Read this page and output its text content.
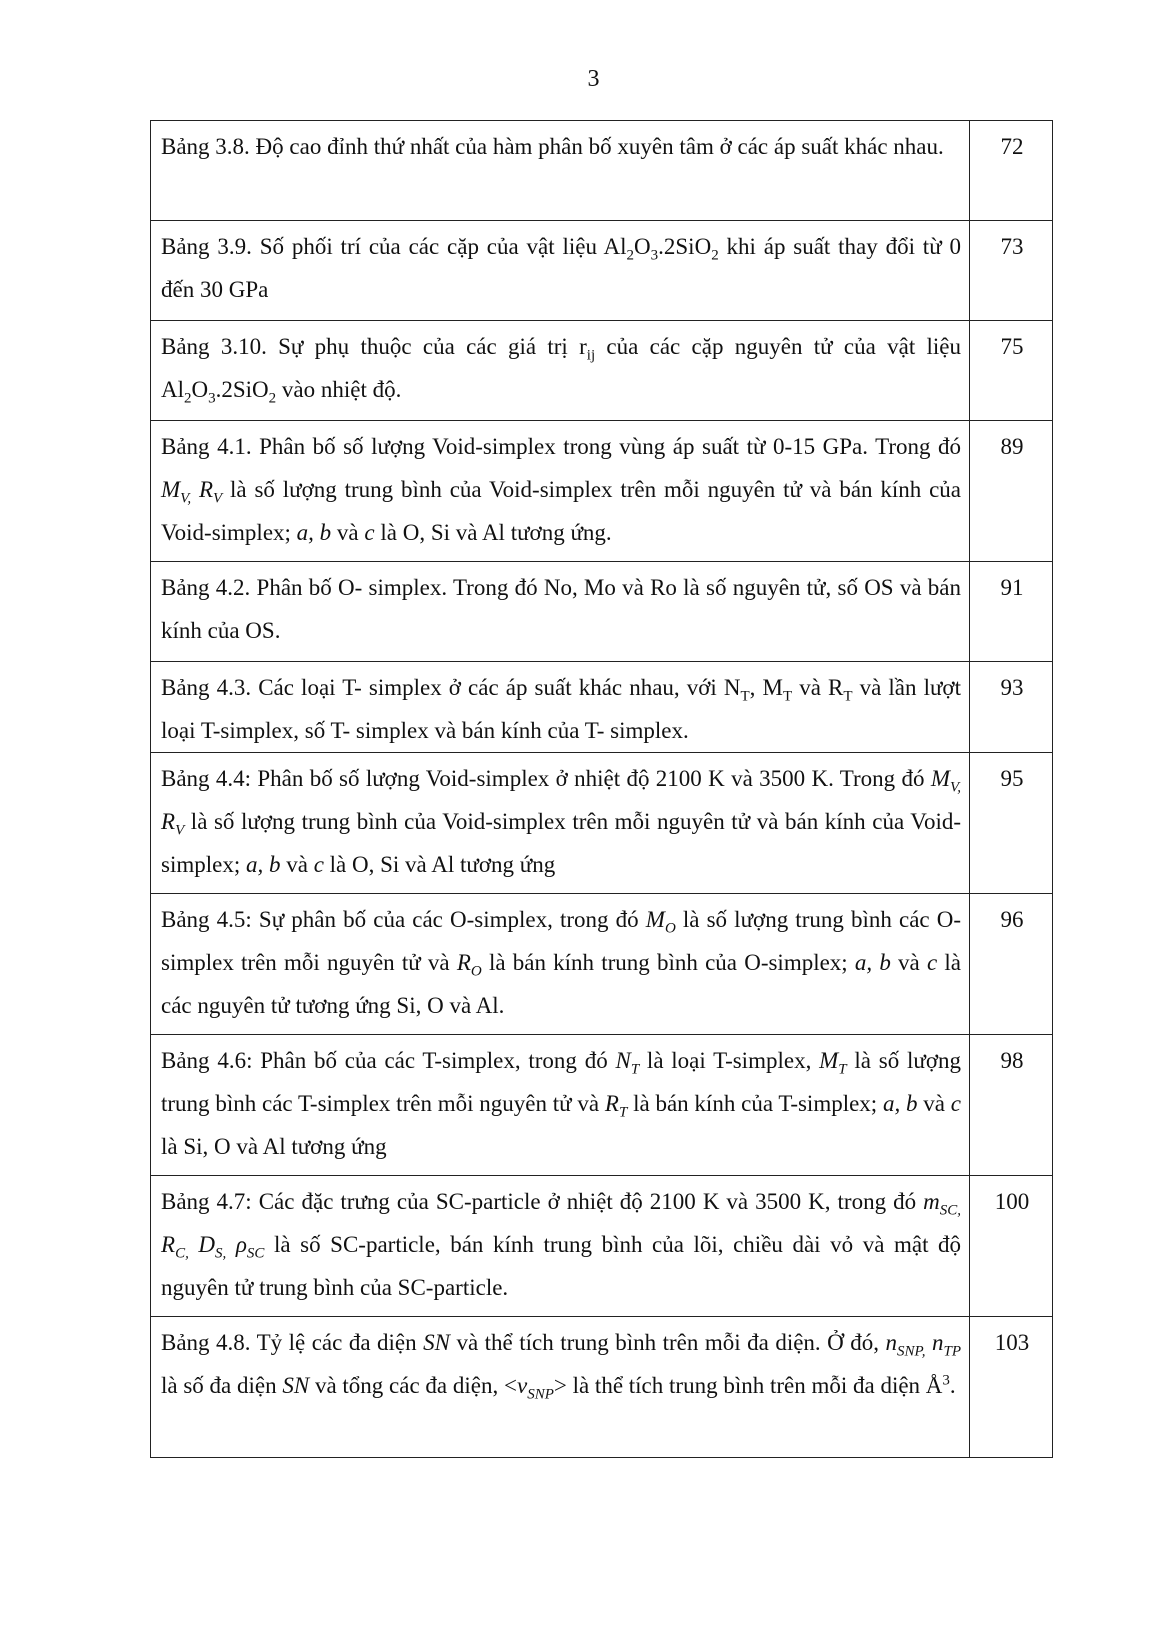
3
Bảng 3.8. Độ cao đỉnh thứ nhất của hàm phân bố xuyên tâm ở các áp suất khác nhau.	72
Bảng 3.9. Số phối trí của các cặp của vật liệu $Al_2O_3.2SiO_2$ khi áp suất thay đổi từ 0 đến 30 GPa	73
Bảng 3.10. Sự phụ thuộc của các giá trị $r_{ij}$ của các cặp nguyên tử của vật liệu $Al_2O_3.2SiO_2$ vào nhiệt độ.	75
Bảng 4.1. Phân bố số lượng Void-simplex trong vùng áp suất từ 0-15 GPa. Trong đó $M_{V,}$ $R_V$ là số lượng trung bình của Void-simplex trên mỗi nguyên tử và bán kính của Void-simplex; a, b và c là O, Si và Al tương ứng.	89
Bảng 4.2. Phân bố O- simplex. Trong đó No, Mo và Ro là số nguyên tử, số OS và bán kính của OS.	91
Bảng 4.3. Các loại T- simplex ở các áp suất khác nhau, với $N_T$, $M_T$ và $R_T$ và lần lượt loại T-simplex, số T- simplex và bán kính của T- simplex.	93
Bảng 4.4: Phân bố số lượng Void-simplex ở nhiệt độ 2100 K và 3500 K. Trong đó $M_{V,}$ $R_V$ là số lượng trung bình của Void-simplex trên mỗi nguyên tử và bán kính của Void-simplex; a, b và c là O, Si và Al tương ứng	95
Bảng 4.5: Sự phân bố của các O-simplex, trong đó $M_O$ là số lượng trung bình các O-simplex trên mỗi nguyên tử và $R_O$ là bán kính trung bình của O-simplex; a, b và c là các nguyên tử tương ứng Si, O và Al.	96
Bảng 4.6: Phân bố của các T-simplex, trong đó $N_T$ là loại T-simplex, $M_T$ là số lượng trung bình các T-simplex trên mỗi nguyên tử và $R_T$ là bán kính của T-simplex; a, b và c là Si, O và Al tương ứng	98
Bảng 4.7: Các đặc trưng của SC-particle ở nhiệt độ 2100 K và 3500 K, trong đó $m_{SC,}$ $R_{C,}$ $D_{S,}$ $\rho_{SC}$ là số SC-particle, bán kính trung bình của lõi, chiều dài vỏ và mật độ nguyên tử trung bình của SC-particle.	100
Bảng 4.8. Tỷ lệ các đa diện SN và thể tích trung bình trên mỗi đa diện. Ở đó, $n_{SNP,}$ $n_{TP}$ là số đa diện SN và tổng các đa diện, $<v_{SNP}>$ là thể tích trung bình trên mỗi đa diện $Å^3$.	103
